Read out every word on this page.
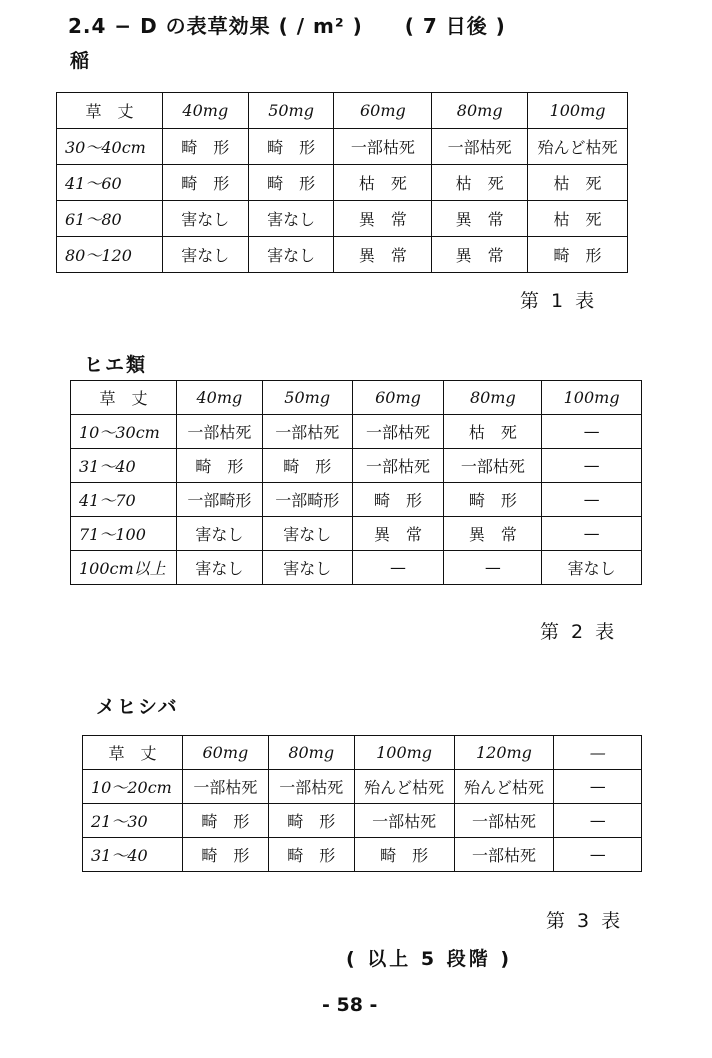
2.4 − D の表草効果 ( / m² )　　( 7 日後 )
稲
草　丈	40mg	50mg	60mg	80mg	100mg
30〜40cm	畸　形	畸　形	一部枯死	一部枯死	殆んど枯死
41〜60	畸　形	畸　形	枯　死	枯　死	枯　死
61〜80	害なし	害なし	異　常	異　常	枯　死
80〜120	害なし	害なし	異　常	異　常	畸　形
第 1 表
ヒエ類
草　丈	40mg	50mg	60mg	80mg	100mg
10〜30cm	一部枯死	一部枯死	一部枯死	枯　死	—
31〜40	畸　形	畸　形	一部枯死	一部枯死	—
41〜70	一部畸形	一部畸形	畸　形	畸　形	—
71〜100	害なし	害なし	異　常	異　常	—
100cm以上	害なし	害なし	—	—	害なし
第 2 表
メヒシバ
草　丈	60mg	80mg	100mg	120mg	—
10〜20cm	一部枯死	一部枯死	殆んど枯死	殆んど枯死	—
21〜30	畸　形	畸　形	一部枯死	一部枯死	—
31〜40	畸　形	畸　形	畸　形	一部枯死	—
第 3 表
( 以上 5 段階 )
- 58 -
